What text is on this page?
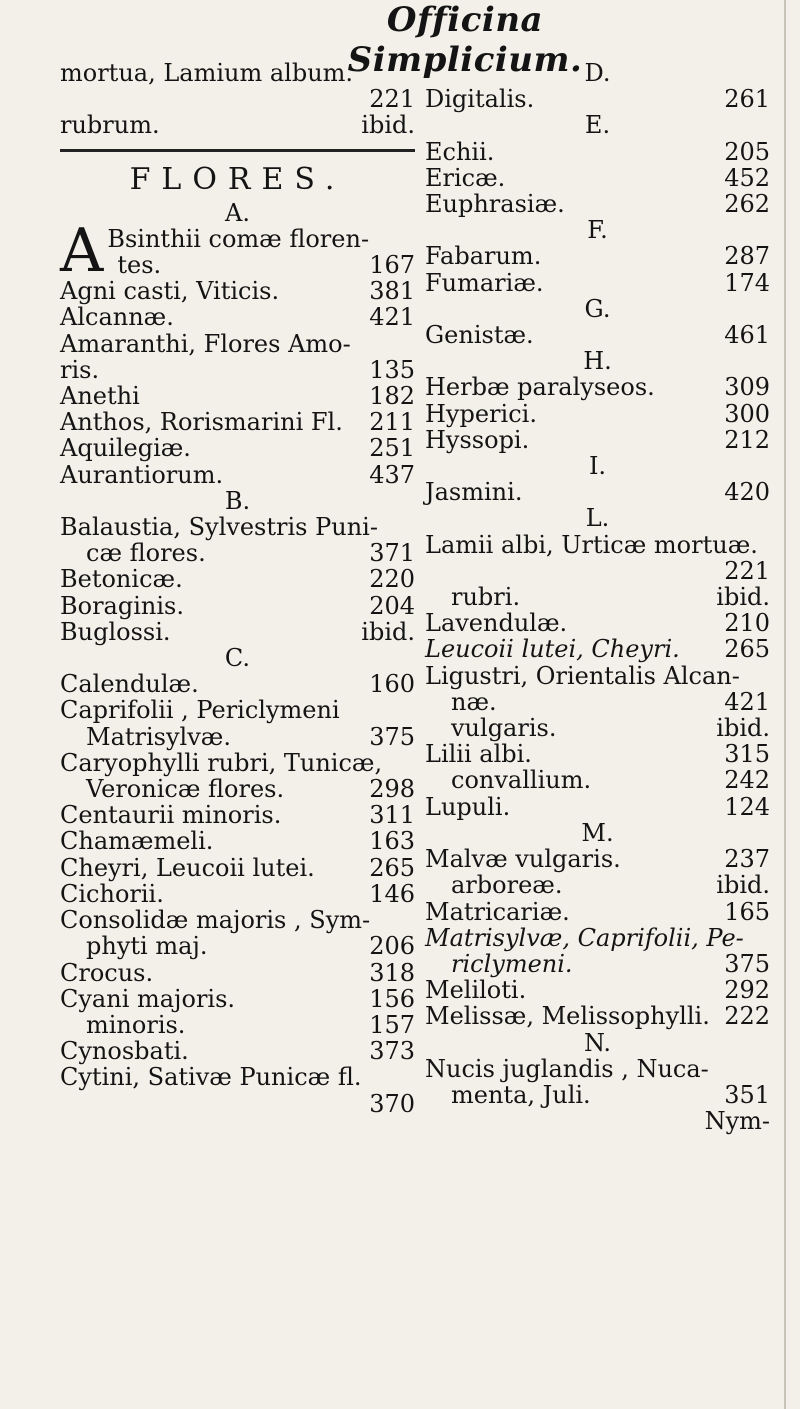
Officina Simplicium.
mortua, Lamium album.
221
rubrum.	ibid.
FLORES.
A.
A Bsinthii comæ floren-
tes.	167
Agni casti, Viticis.	381
Alcannæ.	421
Amaranthi, Flores Amo-
ris.	135
Anethi	182
Anthos, Rorismarini Fl. 211
Aquilegiæ.	251
Aurantiorum.	437
B.
Balaustia, Sylvestris Puni-
cæ flores.	371
Betonicæ.	220
Boraginis.	204
Buglossi.	ibid.
C.
Calendulæ.	160
Caprifolii , Periclymeni
Matrisylvæ.	375
Caryophylli rubri, Tunicæ,
Veronicæ flores.	298
Centaurii minoris.	311
Chamæmeli.	163
Cheyri, Leucoii lutei. 265
Cichorii.	146
Consolidæ majoris , Sym-
phyti maj.	206
Crocus.	318
Cyani majoris.	156
minoris.	157
Cynosbati.	373
Cytini, Sativæ Punicæ fl.
370
D.
Digitalis.	261
E.
Echii.	205
Ericæ.	452
Euphrasiæ.	262
F.
Fabarum.	287
Fumariæ.	174
G.
Genistæ.	461
H.
Herbæ paralyseos.	309
Hyperici.	300
Hyssopi.	212
I.
Jasmini.	420
L.
Lamii albi, Urticæ mortuæ.
221
rubri.	ibid.
Lavendulæ.	210
Leucoii lutei, Cheyri. 265
Ligustri, Orientalis Alcan-
næ.	421
vulgaris.	ibid.
Lilii albi.	315
convallium.	242
Lupuli.	124
M.
Malvæ vulgaris.	237
arboreæ.	ibid.
Matricariæ.	165
Matrisylvæ, Caprifolii, Pe-
riclymeni.	375
Meliloti.	292
Melissæ, Melissophylli. 222
N.
Nucis juglandis , Nuca-
menta, Juli.	351
Nym-
